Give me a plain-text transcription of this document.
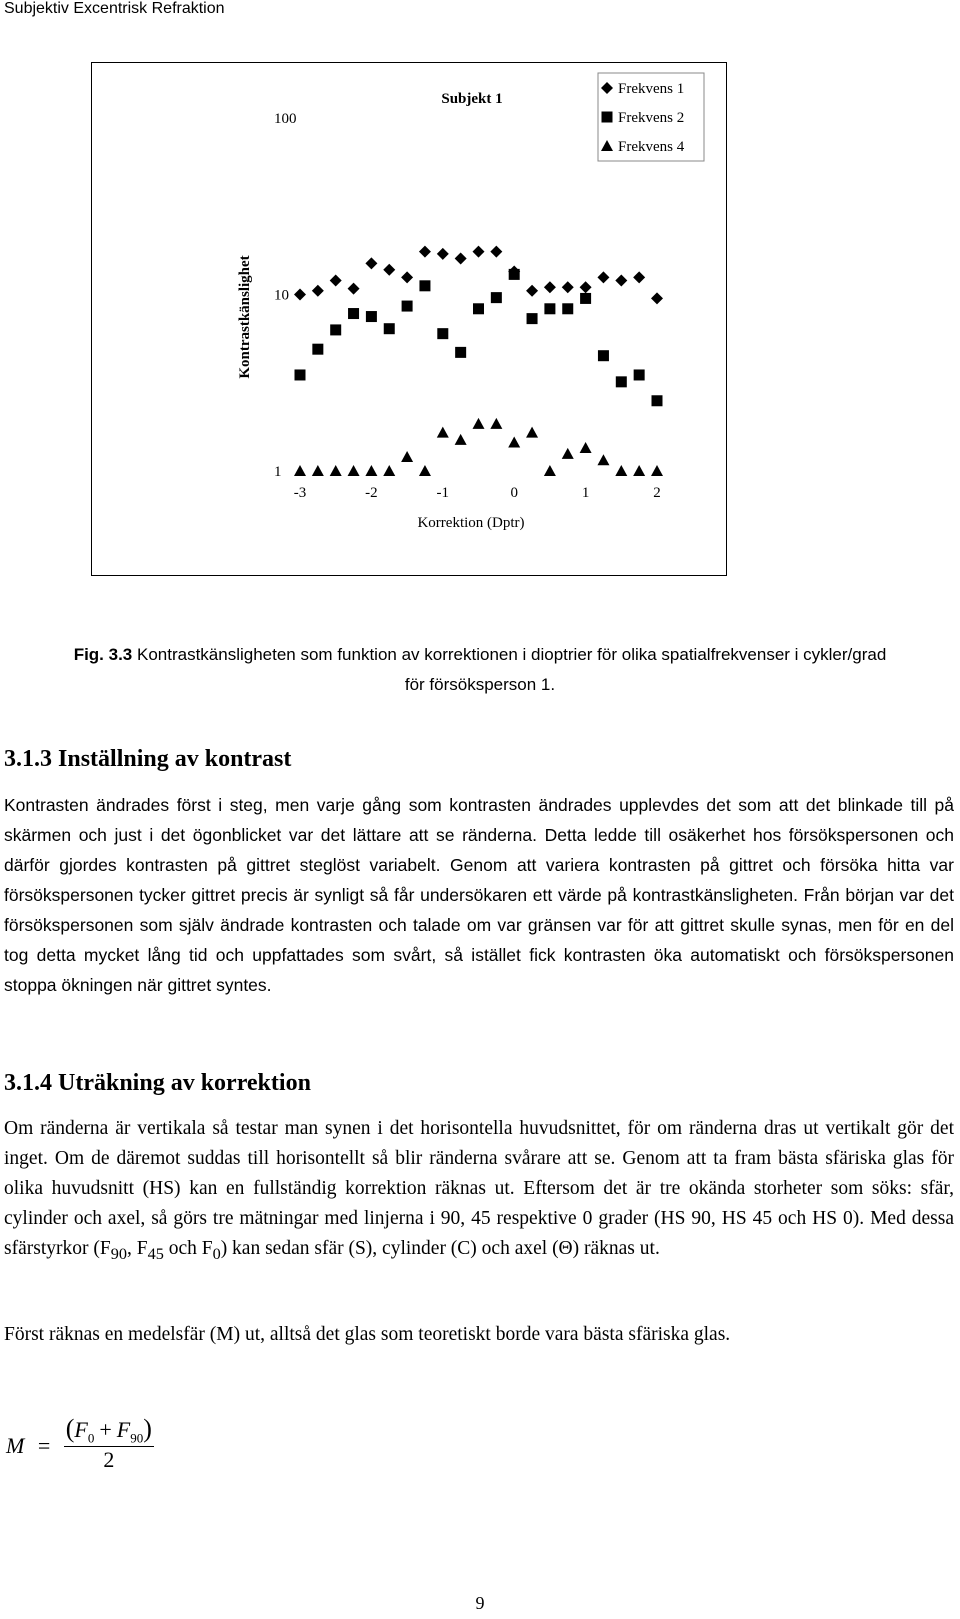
Subjektiv Excentrisk Refraktion
Subjekt 1
Kontrastkänslighet
Korrektion (Dptr)
Frekvens 1
Frekvens 2
Frekvens 4
-3	-2	-1	0	1	2
1
10
100
Fig. 3.3 Kontrastkänsligheten som funktion av korrektionen i dioptrier för olika spatialfrekvenser i cykler/grad
för försöksperson 1.
3.1.3 Inställning av kontrast
Kontrasten ändrades först i steg, men varje gång som kontrasten ändrades upplevdes det som att det blinkade till på skärmen och just i det ögonblicket var det lättare att se ränderna. Detta ledde till osäkerhet hos försökspersonen och därför gjordes kontrasten på gittret steglöst variabelt. Genom att variera kontrasten på gittret och försöka hitta var försökspersonen tycker gittret precis är synligt så får undersökaren ett värde på kontrastkänsligheten. Från början var det försökspersonen som själv ändrade kontrasten och talade om var gränsen var för att gittret skulle synas, men för en del tog detta mycket lång tid och uppfattades som svårt, så istället fick kontrasten öka automatiskt och försökspersonen stoppa ökningen när gittret syntes.
3.1.4 Uträkning av korrektion
Om ränderna är vertikala så testar man synen i det horisontella huvudsnittet, för om ränderna dras ut vertikalt gör det inget. Om de däremot suddas till horisontellt så blir ränderna svårare att se. Genom att ta fram bästa sfäriska glas för olika huvudsnitt (HS) kan en fullständig korrektion räknas ut. Eftersom det är tre okända storheter som söks: sfär, cylinder och axel, så görs tre mätningar med linjerna i 90, 45 respektive 0 grader (HS 90, HS 45 och HS 0). Med dessa sfärstyrkor ($F_{90}$, $F_{45}$ och $F_0$) kan sedan sfär (S), cylinder (C) och axel (Θ) räknas ut.
Först räknas en medelsfär (M) ut, alltså det glas som teoretiskt borde vara bästa sfäriska glas.
$M = \frac{(F_0 + F_{90})}{2}$
9
